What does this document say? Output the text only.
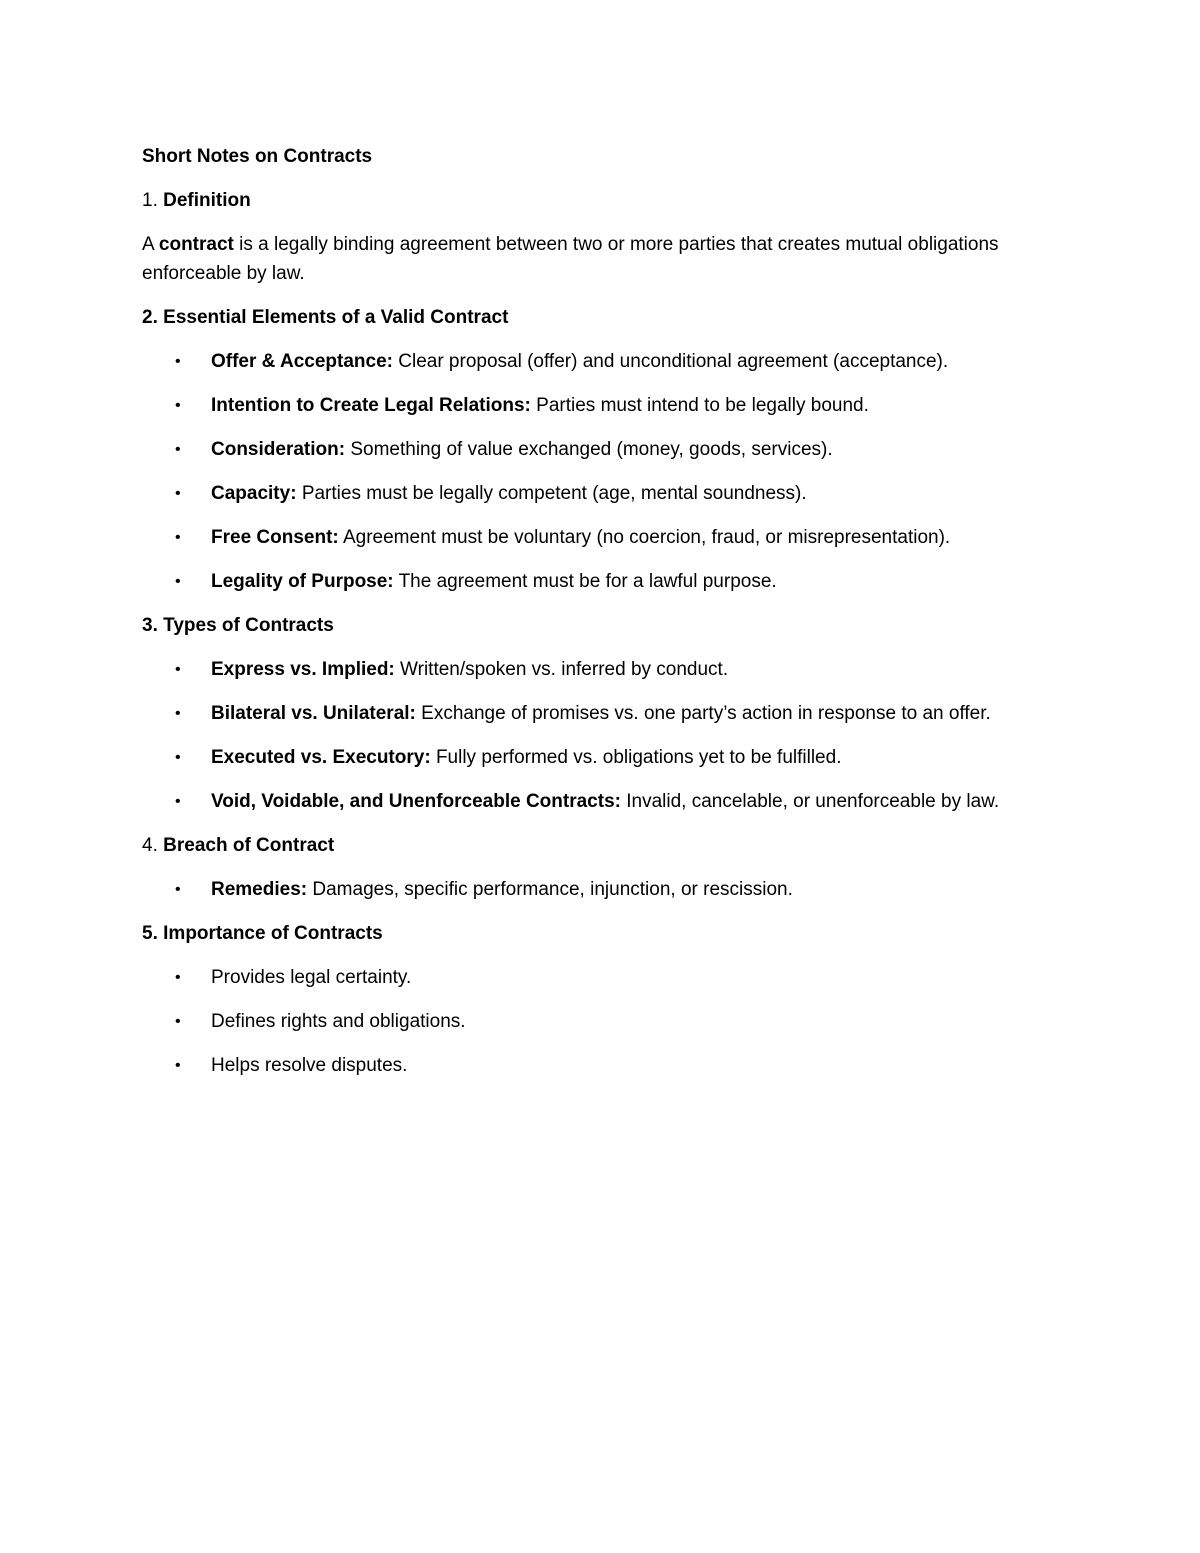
Short Notes on Contracts
1. Definition
A contract is a legally binding agreement between two or more parties that creates mutual obligations enforceable by law.
2. Essential Elements of a Valid Contract
• Offer & Acceptance: Clear proposal (offer) and unconditional agreement (acceptance).
• Intention to Create Legal Relations: Parties must intend to be legally bound.
• Consideration: Something of value exchanged (money, goods, services).
• Capacity: Parties must be legally competent (age, mental soundness).
• Free Consent: Agreement must be voluntary (no coercion, fraud, or misrepresentation).
• Legality of Purpose: The agreement must be for a lawful purpose.
3. Types of Contracts
• Express vs. Implied: Written/spoken vs. inferred by conduct.
• Bilateral vs. Unilateral: Exchange of promises vs. one party’s action in response to an offer.
• Executed vs. Executory: Fully performed vs. obligations yet to be fulfilled.
• Void, Voidable, and Unenforceable Contracts: Invalid, cancelable, or unenforceable by law.
4. Breach of Contract
• Remedies: Damages, specific performance, injunction, or rescission.
5. Importance of Contracts
• Provides legal certainty.
• Defines rights and obligations.
• Helps resolve disputes.
